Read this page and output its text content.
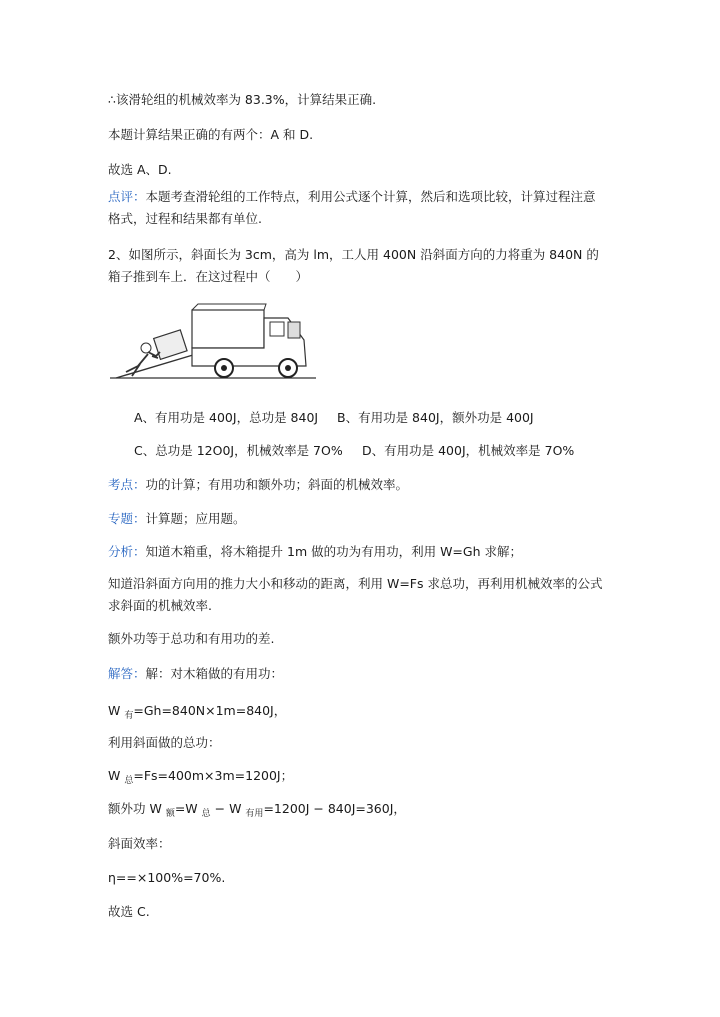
∴该滑轮组的机械效率为 83.3%，计算结果正确.
本题计算结果正确的有两个：A 和 D.
故选 A、D.
点评：本题考查滑轮组的工作特点，利用公式逐个计算，然后和选项比较，计算过程注意格式，过程和结果都有单位.
2、如图所示，斜面长为 3cm，高为 lm，工人用 400N 沿斜面方向的力将重为 840N 的箱子推到车上．在这过程中（　　）
A、有用功是 400J，总功是 840J B、有用功是 840J，额外功是 400J
C、总功是 12O0J，机械效率是 7O% D、有用功是 400J，机械效率是 7O%
考点：功的计算；有用功和额外功；斜面的机械效率。
专题：计算题；应用题。
分析：知道木箱重，将木箱提升 1m 做的功为有用功，利用 W=Gh 求解；
知道沿斜面方向用的推力大小和移动的距离，利用 W=Fs 求总功，再利用机械效率的公式求斜面的机械效率.
额外功等于总功和有用功的差.
解答：解：对木箱做的有用功：
W $_有$=Gh=840N×1m=840J，
利用斜面做的总功：
W $_总$=Fs=400m×3m=1200J；
额外功 W $_额$=W $_总$ − W $_{有用}$=1200J − 840J=360J，
斜面效率：
η==×100%=70%.
故选 C.
